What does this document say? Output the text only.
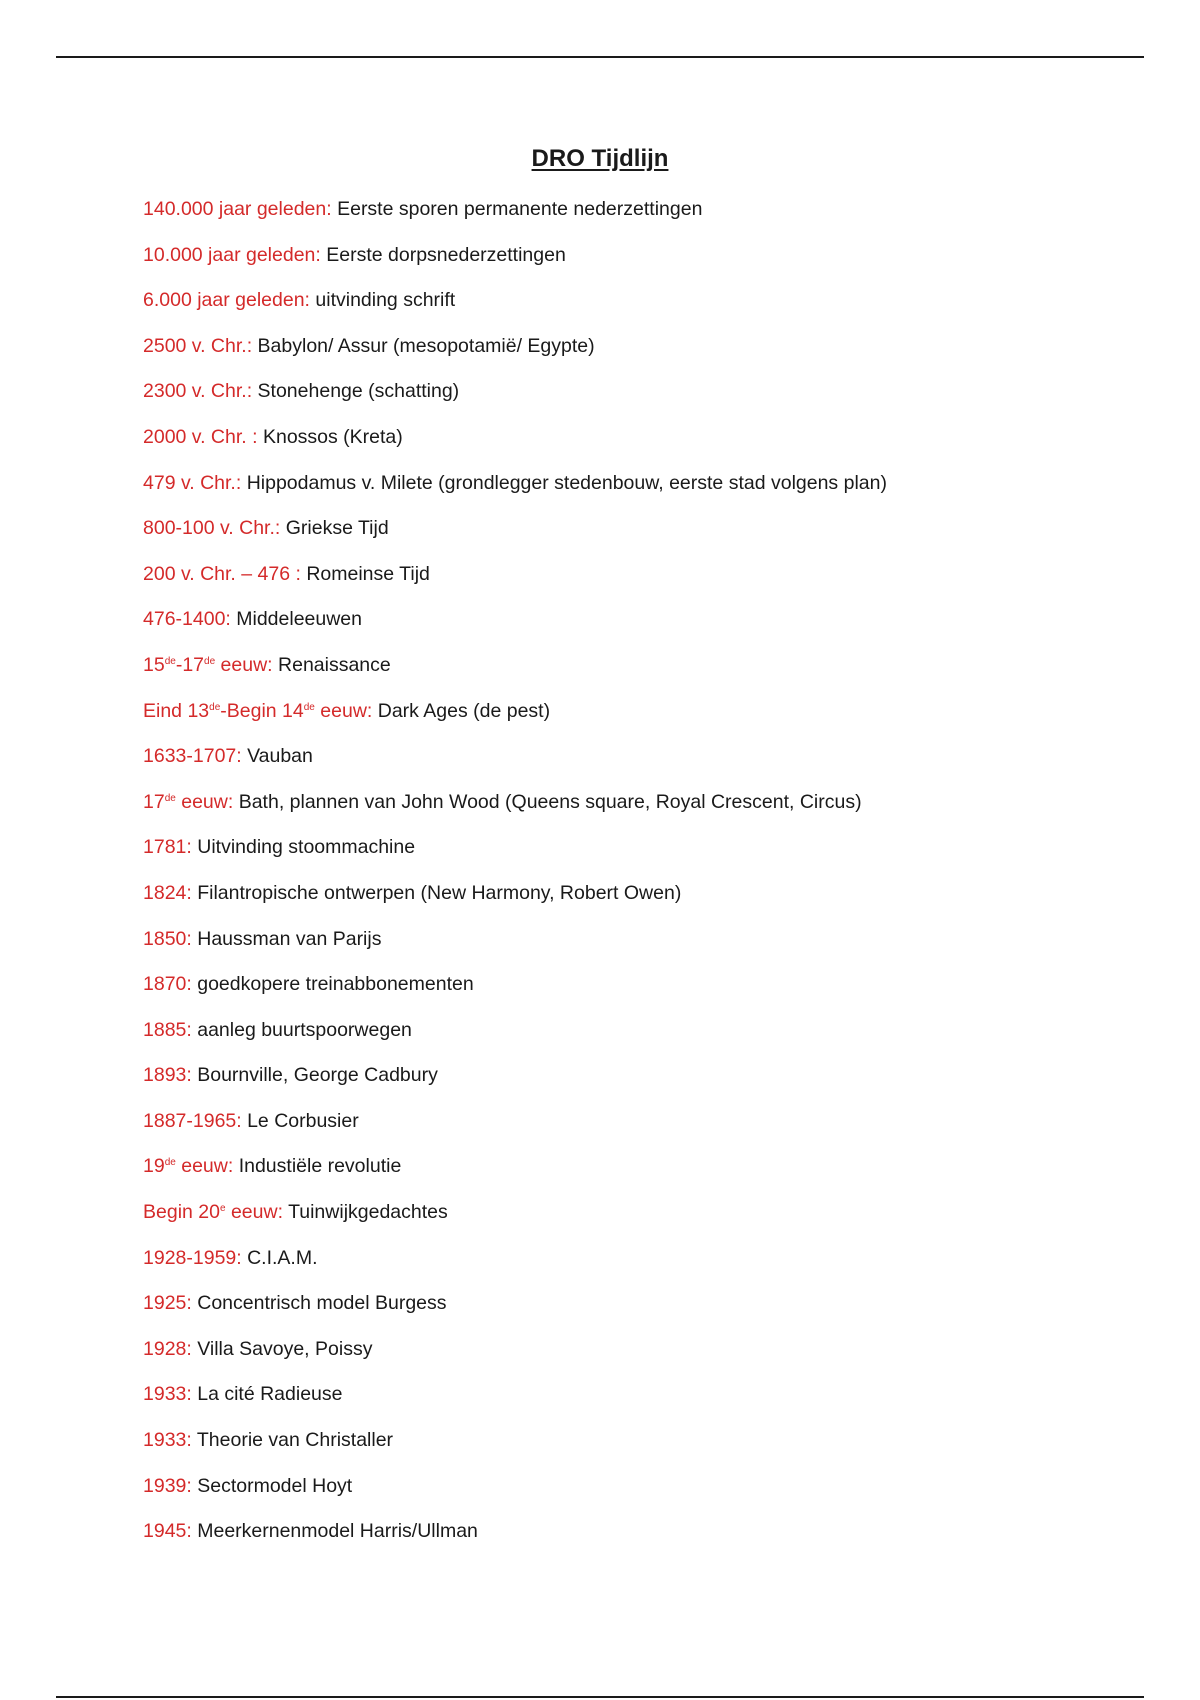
DRO Tijdlijn
140.000 jaar geleden: Eerste sporen permanente nederzettingen
10.000 jaar geleden: Eerste dorpsnederzettingen
6.000 jaar geleden: uitvinding schrift
2500 v. Chr.: Babylon/ Assur (mesopotamië/ Egypte)
2300 v. Chr.: Stonehenge (schatting)
2000 v. Chr. : Knossos (Kreta)
479 v. Chr.: Hippodamus v. Milete (grondlegger stedenbouw, eerste stad volgens plan)
800-100 v. Chr.: Griekse Tijd
200 v. Chr. – 476 : Romeinse Tijd
476-1400: Middeleeuwen
15de-17de eeuw: Renaissance
Eind 13de-Begin 14de eeuw: Dark Ages (de pest)
1633-1707: Vauban
17de eeuw: Bath, plannen van John Wood (Queens square, Royal Crescent, Circus)
1781: Uitvinding stoommachine
1824: Filantropische ontwerpen (New Harmony, Robert Owen)
1850: Haussman van Parijs
1870: goedkopere treinabbonementen
1885: aanleg buurtspoorwegen
1893: Bournville, George Cadbury
1887-1965: Le Corbusier
19de eeuw: Industiële revolutie
Begin 20e eeuw: Tuinwijkgedachtes
1928-1959: C.I.A.M.
1925: Concentrisch model Burgess
1928: Villa Savoye, Poissy
1933: La cité Radieuse
1933: Theorie van Christaller
1939: Sectormodel Hoyt
1945: Meerkernenmodel Harris/Ullman
